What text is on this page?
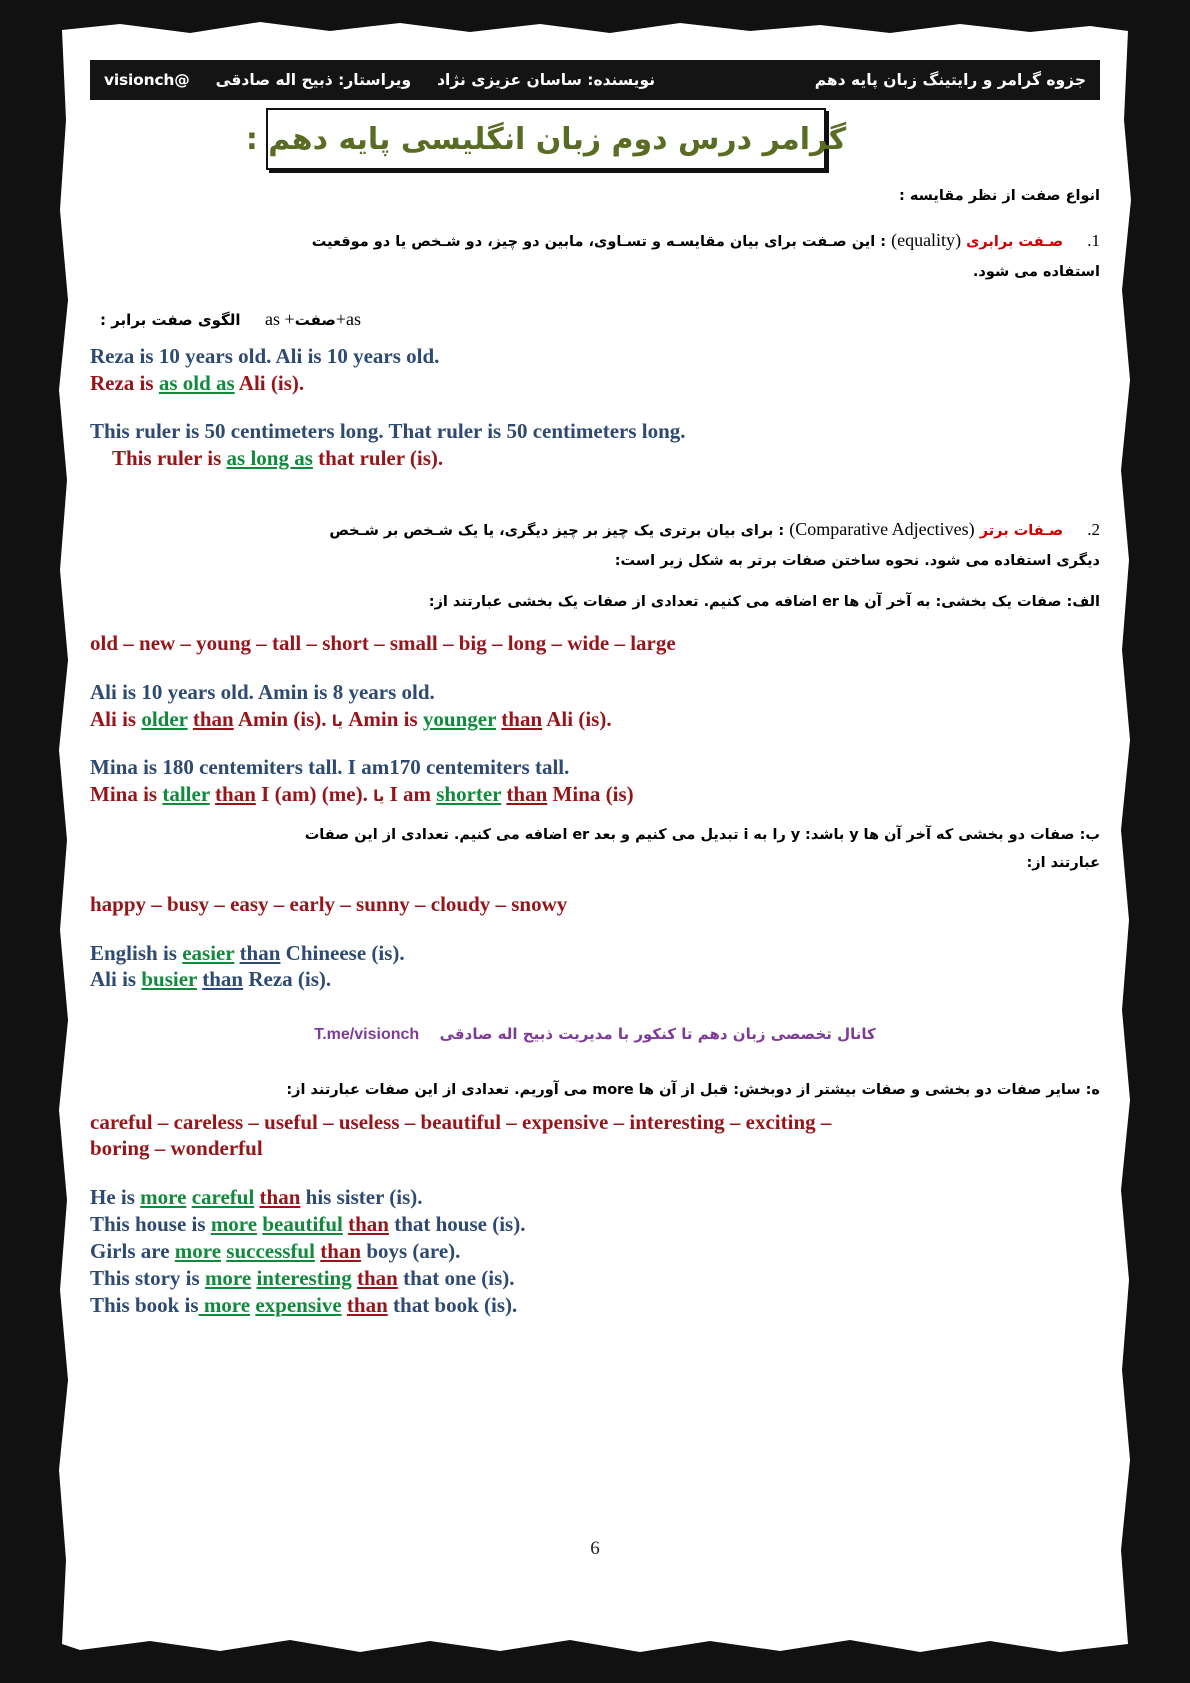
جزوه گرامر و رایتینگ زبان پایه دهم
نویسنده: ساسان عزیزی نژاد
ویراستار: ذبیح اله صادقی
@visionch
گرامر درس دوم زبان انگلیسی پایه دهم :
انواع صفت از نظر مقایسه :
1.  صـفت برابری (equality) : این صـفت برای بیان مقایسـه و تسـاوی، مابین دو چیز، دو شـخص یا دو موقعیت
استفاده می شود.
as+صفت+ as  الگوی صفت برابر :
Reza is 10 years old. Ali is 10 years old.
Reza is as old as Ali (is).
This ruler is 50 centimeters long. That ruler is 50 centimeters long.
This ruler is as long as that ruler (is).
2.  صـفات برتر (Comparative Adjectives) : برای بیان برتری یک چیز بر چیز دیگری، یا یک شـخص بر شـخص
دیگری استفاده می شود. نحوه ساختن صفات برتر به شکل زیر است:
الف: صفات یک بخشی: به آخر آن ها er اضافه می کنیم. تعدادی از صفات یک بخشی عبارتند از:
old – new – young – tall – short – small – big – long – wide – large
Ali is 10 years old. Amin is 8 years old.
Ali is older than Amin (is). یا Amin is younger than Ali (is).
Mina is 180 centemiters tall. I am170 centemiters tall.
Mina is taller than I (am) (me). یا I am shorter than Mina (is)
ب: صفات دو بخشی که آخر آن ها y باشد: y را به i تبدیل می کنیم و بعد er اضافه می کنیم. تعدادی از این صفات
عبارتند از:
happy – busy – easy – early – sunny – cloudy – snowy
English is easier than Chineese (is).
Ali is busier than Reza (is).
کانال تخصصی زبان دهم تا کنکور با مدیریت ذبیح اله صادقی  T.me/visionch
ه: سایر صفات دو بخشی و صفات بیشتر از دوبخش: قبل از آن ها more می آوریم. تعدادی از این صفات عبارتند از:
careful – careless – useful – useless – beautiful – expensive – interesting – exciting –
boring – wonderful
He is more careful than his sister (is).
This house is more beautiful than that house (is).
Girls are more successful than boys (are).
This story is more interesting than that one (is).
This book is more expensive than that book (is).
6
